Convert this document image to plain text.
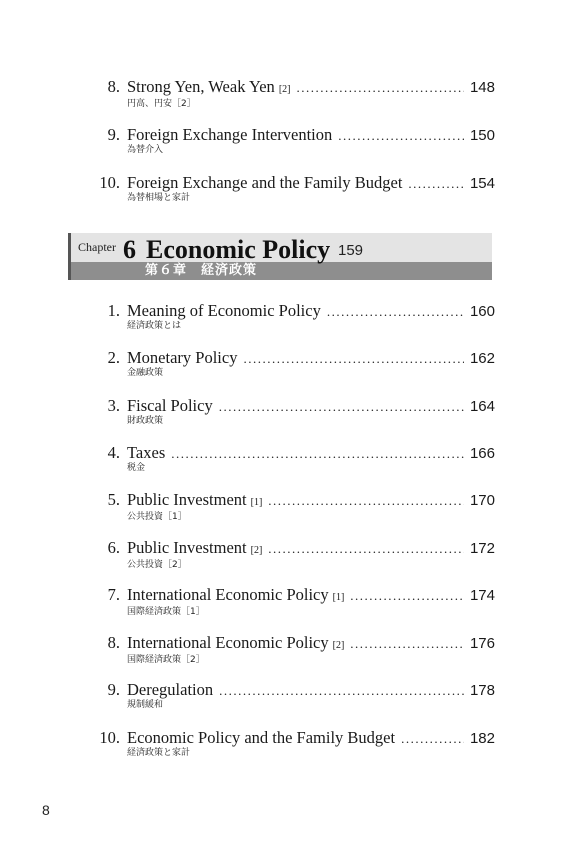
8. Strong Yen, Weak Yen [2] .....	148
円高、円安［2］
9. Foreign Exchange Intervention .....	150
為替介入
10. Foreign Exchange and the Family Budget .....	154
為替相場と家計
Chapter 6 Economic Policy 159
第６章　経済政策
1. Meaning of Economic Policy .....	160
経済政策とは
2. Monetary Policy .....	162
金融政策
3. Fiscal Policy .....	164
財政政策
4. Taxes .....	166
税金
5. Public Investment [1] .....	170
公共投資［1］
6. Public Investment [2] .....	172
公共投資［2］
7. International Economic Policy [1] .....	174
国際経済政策［1］
8. International Economic Policy [2] .....	176
国際経済政策［2］
9. Deregulation .....	178
規制緩和
10. Economic Policy and the Family Budget .....	182
経済政策と家計
8
